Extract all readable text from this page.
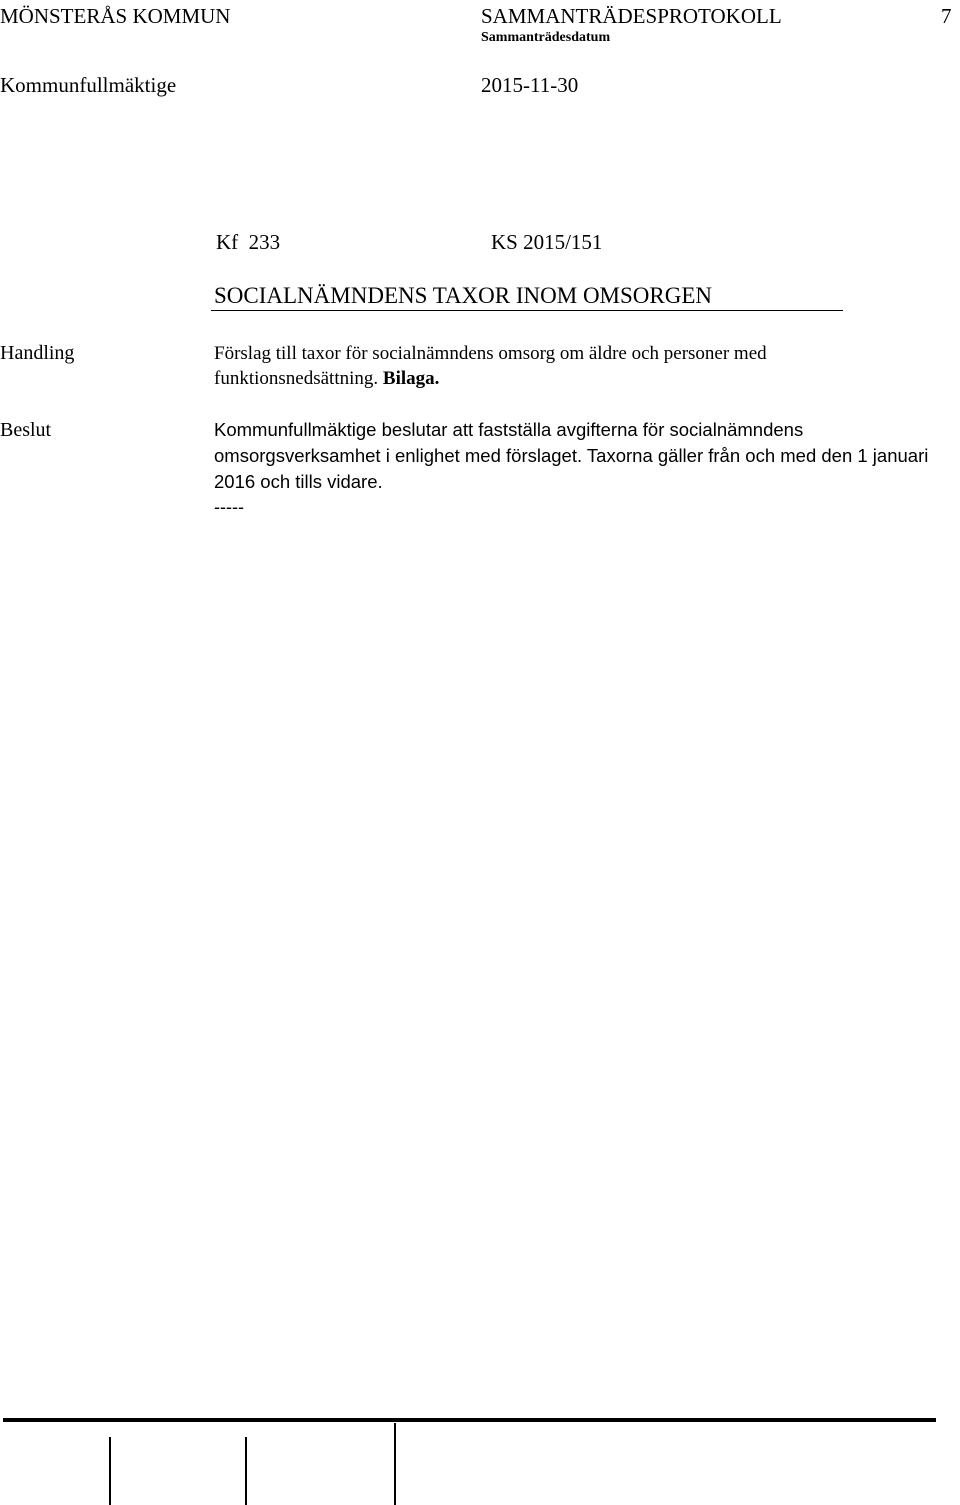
MÖNSTERÅS KOMMUN	SAMMANTRÄDESPROTOKOLL	7
Sammanträdesdatum
Kommunfullmäktige	2015-11-30
Kf  233	KS 2015/151
SOCIALNÄMNDENS TAXOR INOM OMSORGEN
Handling	Förslag till taxor för socialnämndens omsorg om äldre och personer med funktionsnedsättning. Bilaga.
Beslut	Kommunfullmäktige beslutar att fastställa avgifterna för socialnämndens omsorgsverksamhet i enlighet med förslaget. Taxorna gäller från och med den 1 januari 2016 och tills vidare.
-----
